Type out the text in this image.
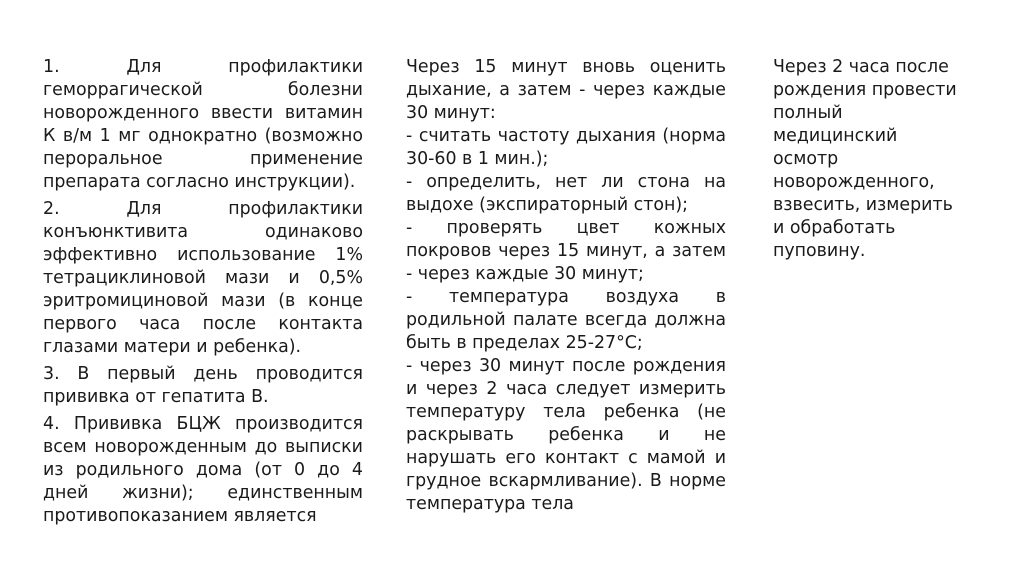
1. Для профилактики геморрагической болезни новорожденного ввести витамин К в/м 1 мг однократно (возможно пероральное применение препарата согласно инструкции).

2. Для профилактики конъюнктивита одинаково эффективно использование 1% тетрациклиновой мази и 0,5% эритромициновой мази (в конце первого часа после контакта глазами матери и ребенка).

3. В первый день проводится прививка от гепатита В.

4. Прививка БЦЖ производится всем новорожденным до выписки из родильного дома (от 0 до 4 дней жизни); единственным противопоказанием является

Через 15 минут вновь оценить дыхание, а затем - через каждые 30 минут:

- считать частоту дыхания (норма 30-60 в 1 мин.);

- определить, нет ли стона на выдохе (экспираторный стон);

- проверять цвет кожных покровов через 15 минут, а затем - через каждые 30 минут;

- температура воздуха в родильной палате всегда должна быть в пределах 25-27°С;

- через 30 минут после рождения и через 2 часа следует измерить температуру тела ребенка (не раскрывать ребенка и не нарушать его контакт с мамой и грудное вскармливание). В норме температура тела

Через 2 часа после рождения провести полный медицинский осмотр новорожденного, взвесить, измерить и обработать пуповину.
